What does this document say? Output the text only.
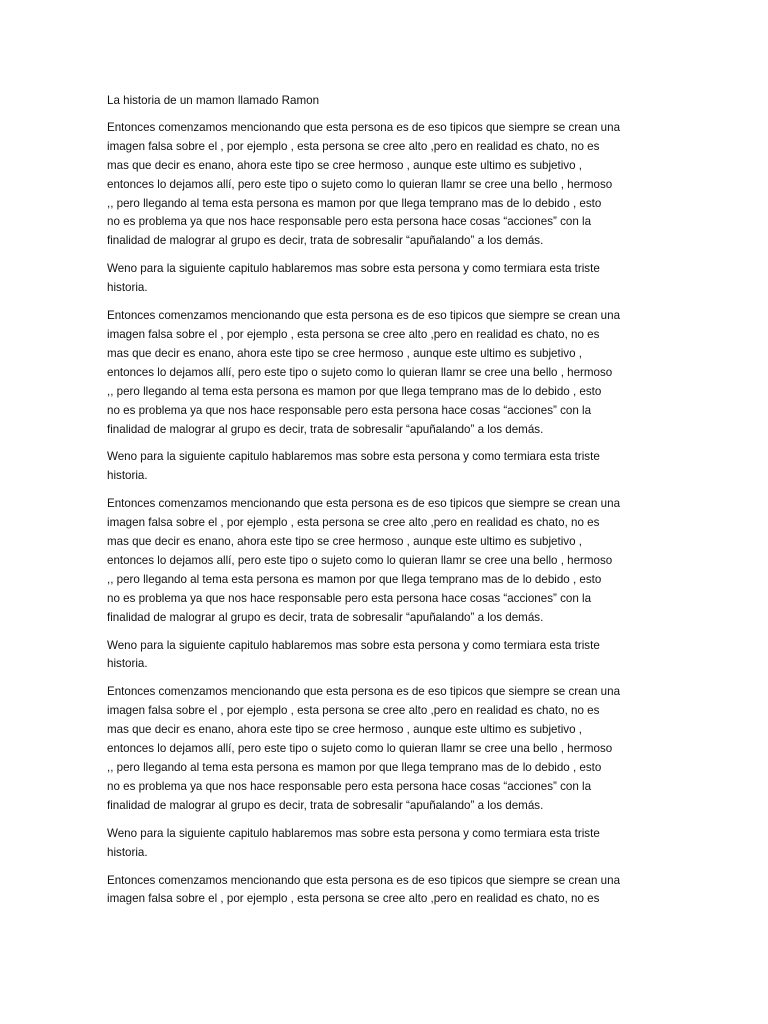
La historia de un mamon llamado Ramon

Entonces comenzamos mencionando que esta persona es de eso tipicos que siempre se crean una
imagen falsa sobre el , por ejemplo , esta persona se cree alto ,pero en realidad es chato, no es
mas que decir es enano, ahora este tipo se cree hermoso , aunque este ultimo es subjetivo ,
entonces lo dejamos allí, pero este tipo o sujeto como lo quieran llamr se cree una bello , hermoso
,, pero llegando al tema esta persona es mamon por que llega temprano mas de lo debido , esto
no es problema ya que nos hace responsable pero esta persona hace cosas “acciones” con la
finalidad de malograr al grupo es decir, trata de sobresalir “apuñalando” a los demás.

Weno para la siguiente capitulo hablaremos mas sobre esta persona y como termiara esta triste
historia.

Entonces comenzamos mencionando que esta persona es de eso tipicos que siempre se crean una
imagen falsa sobre el , por ejemplo , esta persona se cree alto ,pero en realidad es chato, no es
mas que decir es enano, ahora este tipo se cree hermoso , aunque este ultimo es subjetivo ,
entonces lo dejamos allí, pero este tipo o sujeto como lo quieran llamr se cree una bello , hermoso
,, pero llegando al tema esta persona es mamon por que llega temprano mas de lo debido , esto
no es problema ya que nos hace responsable pero esta persona hace cosas “acciones” con la
finalidad de malograr al grupo es decir, trata de sobresalir “apuñalando” a los demás.

Weno para la siguiente capitulo hablaremos mas sobre esta persona y como termiara esta triste
historia.

Entonces comenzamos mencionando que esta persona es de eso tipicos que siempre se crean una
imagen falsa sobre el , por ejemplo , esta persona se cree alto ,pero en realidad es chato, no es
mas que decir es enano, ahora este tipo se cree hermoso , aunque este ultimo es subjetivo ,
entonces lo dejamos allí, pero este tipo o sujeto como lo quieran llamr se cree una bello , hermoso
,, pero llegando al tema esta persona es mamon por que llega temprano mas de lo debido , esto
no es problema ya que nos hace responsable pero esta persona hace cosas “acciones” con la
finalidad de malograr al grupo es decir, trata de sobresalir “apuñalando” a los demás.

Weno para la siguiente capitulo hablaremos mas sobre esta persona y como termiara esta triste
historia.

Entonces comenzamos mencionando que esta persona es de eso tipicos que siempre se crean una
imagen falsa sobre el , por ejemplo , esta persona se cree alto ,pero en realidad es chato, no es
mas que decir es enano, ahora este tipo se cree hermoso , aunque este ultimo es subjetivo ,
entonces lo dejamos allí, pero este tipo o sujeto como lo quieran llamr se cree una bello , hermoso
,, pero llegando al tema esta persona es mamon por que llega temprano mas de lo debido , esto
no es problema ya que nos hace responsable pero esta persona hace cosas “acciones” con la
finalidad de malograr al grupo es decir, trata de sobresalir “apuñalando” a los demás.

Weno para la siguiente capitulo hablaremos mas sobre esta persona y como termiara esta triste
historia.

Entonces comenzamos mencionando que esta persona es de eso tipicos que siempre se crean una
imagen falsa sobre el , por ejemplo , esta persona se cree alto ,pero en realidad es chato, no es
